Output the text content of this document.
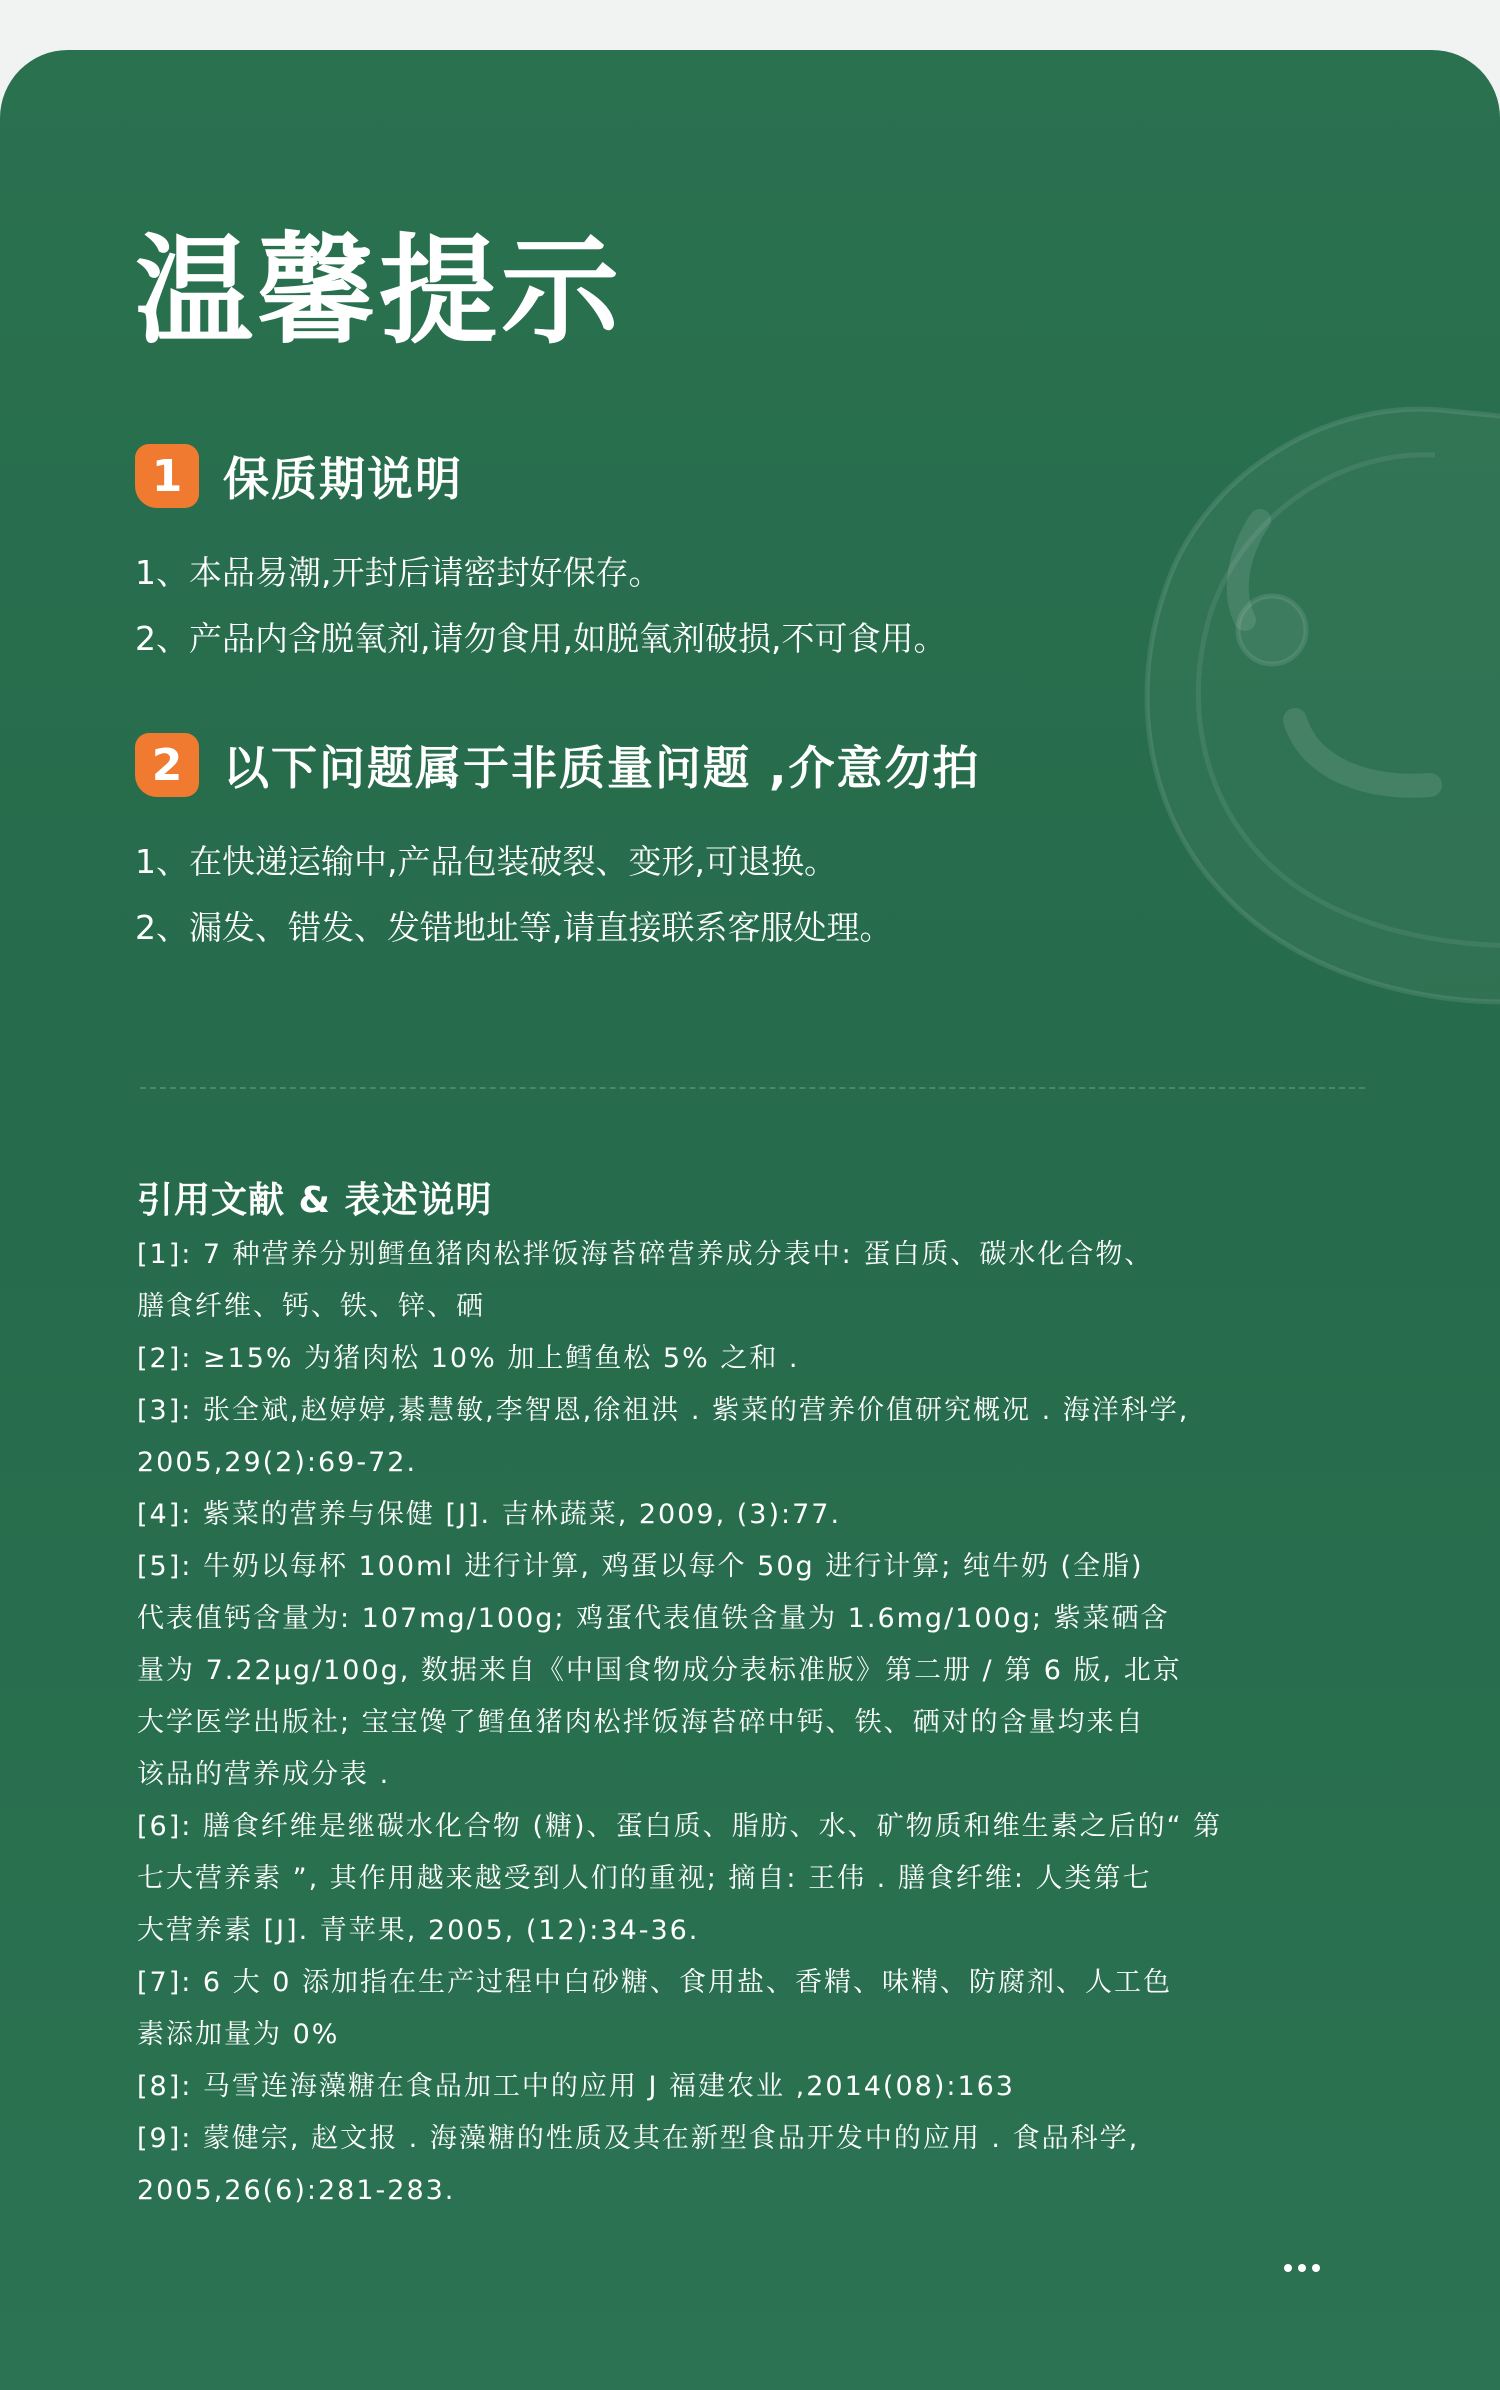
温馨提示
1 保质期说明
1、本品易潮,开封后请密封好保存。
2、产品内含脱氧剂,请勿食用,如脱氧剂破损,不可食用。
2 以下问题属于非质量问题 ,介意勿拍
1、在快递运输中,产品包装破裂、变形,可退换。
2、漏发、错发、发错地址等,请直接联系客服处理。
引用文献 & 表述说明
[1]: 7 种营养分别鳕鱼猪肉松拌饭海苔碎营养成分表中: 蛋白质、碳水化合物、
膳食纤维、钙、铁、锌、硒
[2]: ≥15% 为猪肉松 10% 加上鳕鱼松 5% 之和 .
[3]: 张全斌,赵婷婷,綦慧敏,李智恩,徐祖洪 . 紫菜的营养价值研究概况 . 海洋科学,
2005,29(2):69-72.
[4]: 紫菜的营养与保健 [J]. 吉林蔬菜, 2009, (3):77.
[5]: 牛奶以每杯 100ml 进行计算, 鸡蛋以每个 50g 进行计算; 纯牛奶 (全脂)
代表值钙含量为: 107mg/100g; 鸡蛋代表值铁含量为 1.6mg/100g; 紫菜硒含
量为 7.22μg/100g, 数据来自《中国食物成分表标准版》第二册 / 第 6 版, 北京
大学医学出版社; 宝宝馋了鳕鱼猪肉松拌饭海苔碎中钙、铁、硒对的含量均来自
该品的营养成分表 .
[6]: 膳食纤维是继碳水化合物 (糖)、蛋白质、脂肪、水、矿物质和维生素之后的“ 第
七大营养素 ”, 其作用越来越受到人们的重视; 摘自: 王伟 . 膳食纤维: 人类第七
大营养素 [J]. 青苹果, 2005, (12):34-36.
[7]: 6 大 0 添加指在生产过程中白砂糖、食用盐、香精、味精、防腐剂、人工色
素添加量为 0%
[8]: 马雪连海藻糖在食品加工中的应用 J 福建农业 ,2014(08):163
[9]: 蒙健宗, 赵文报 . 海藻糖的性质及其在新型食品开发中的应用 . 食品科学,
2005,26(6):281-283.
